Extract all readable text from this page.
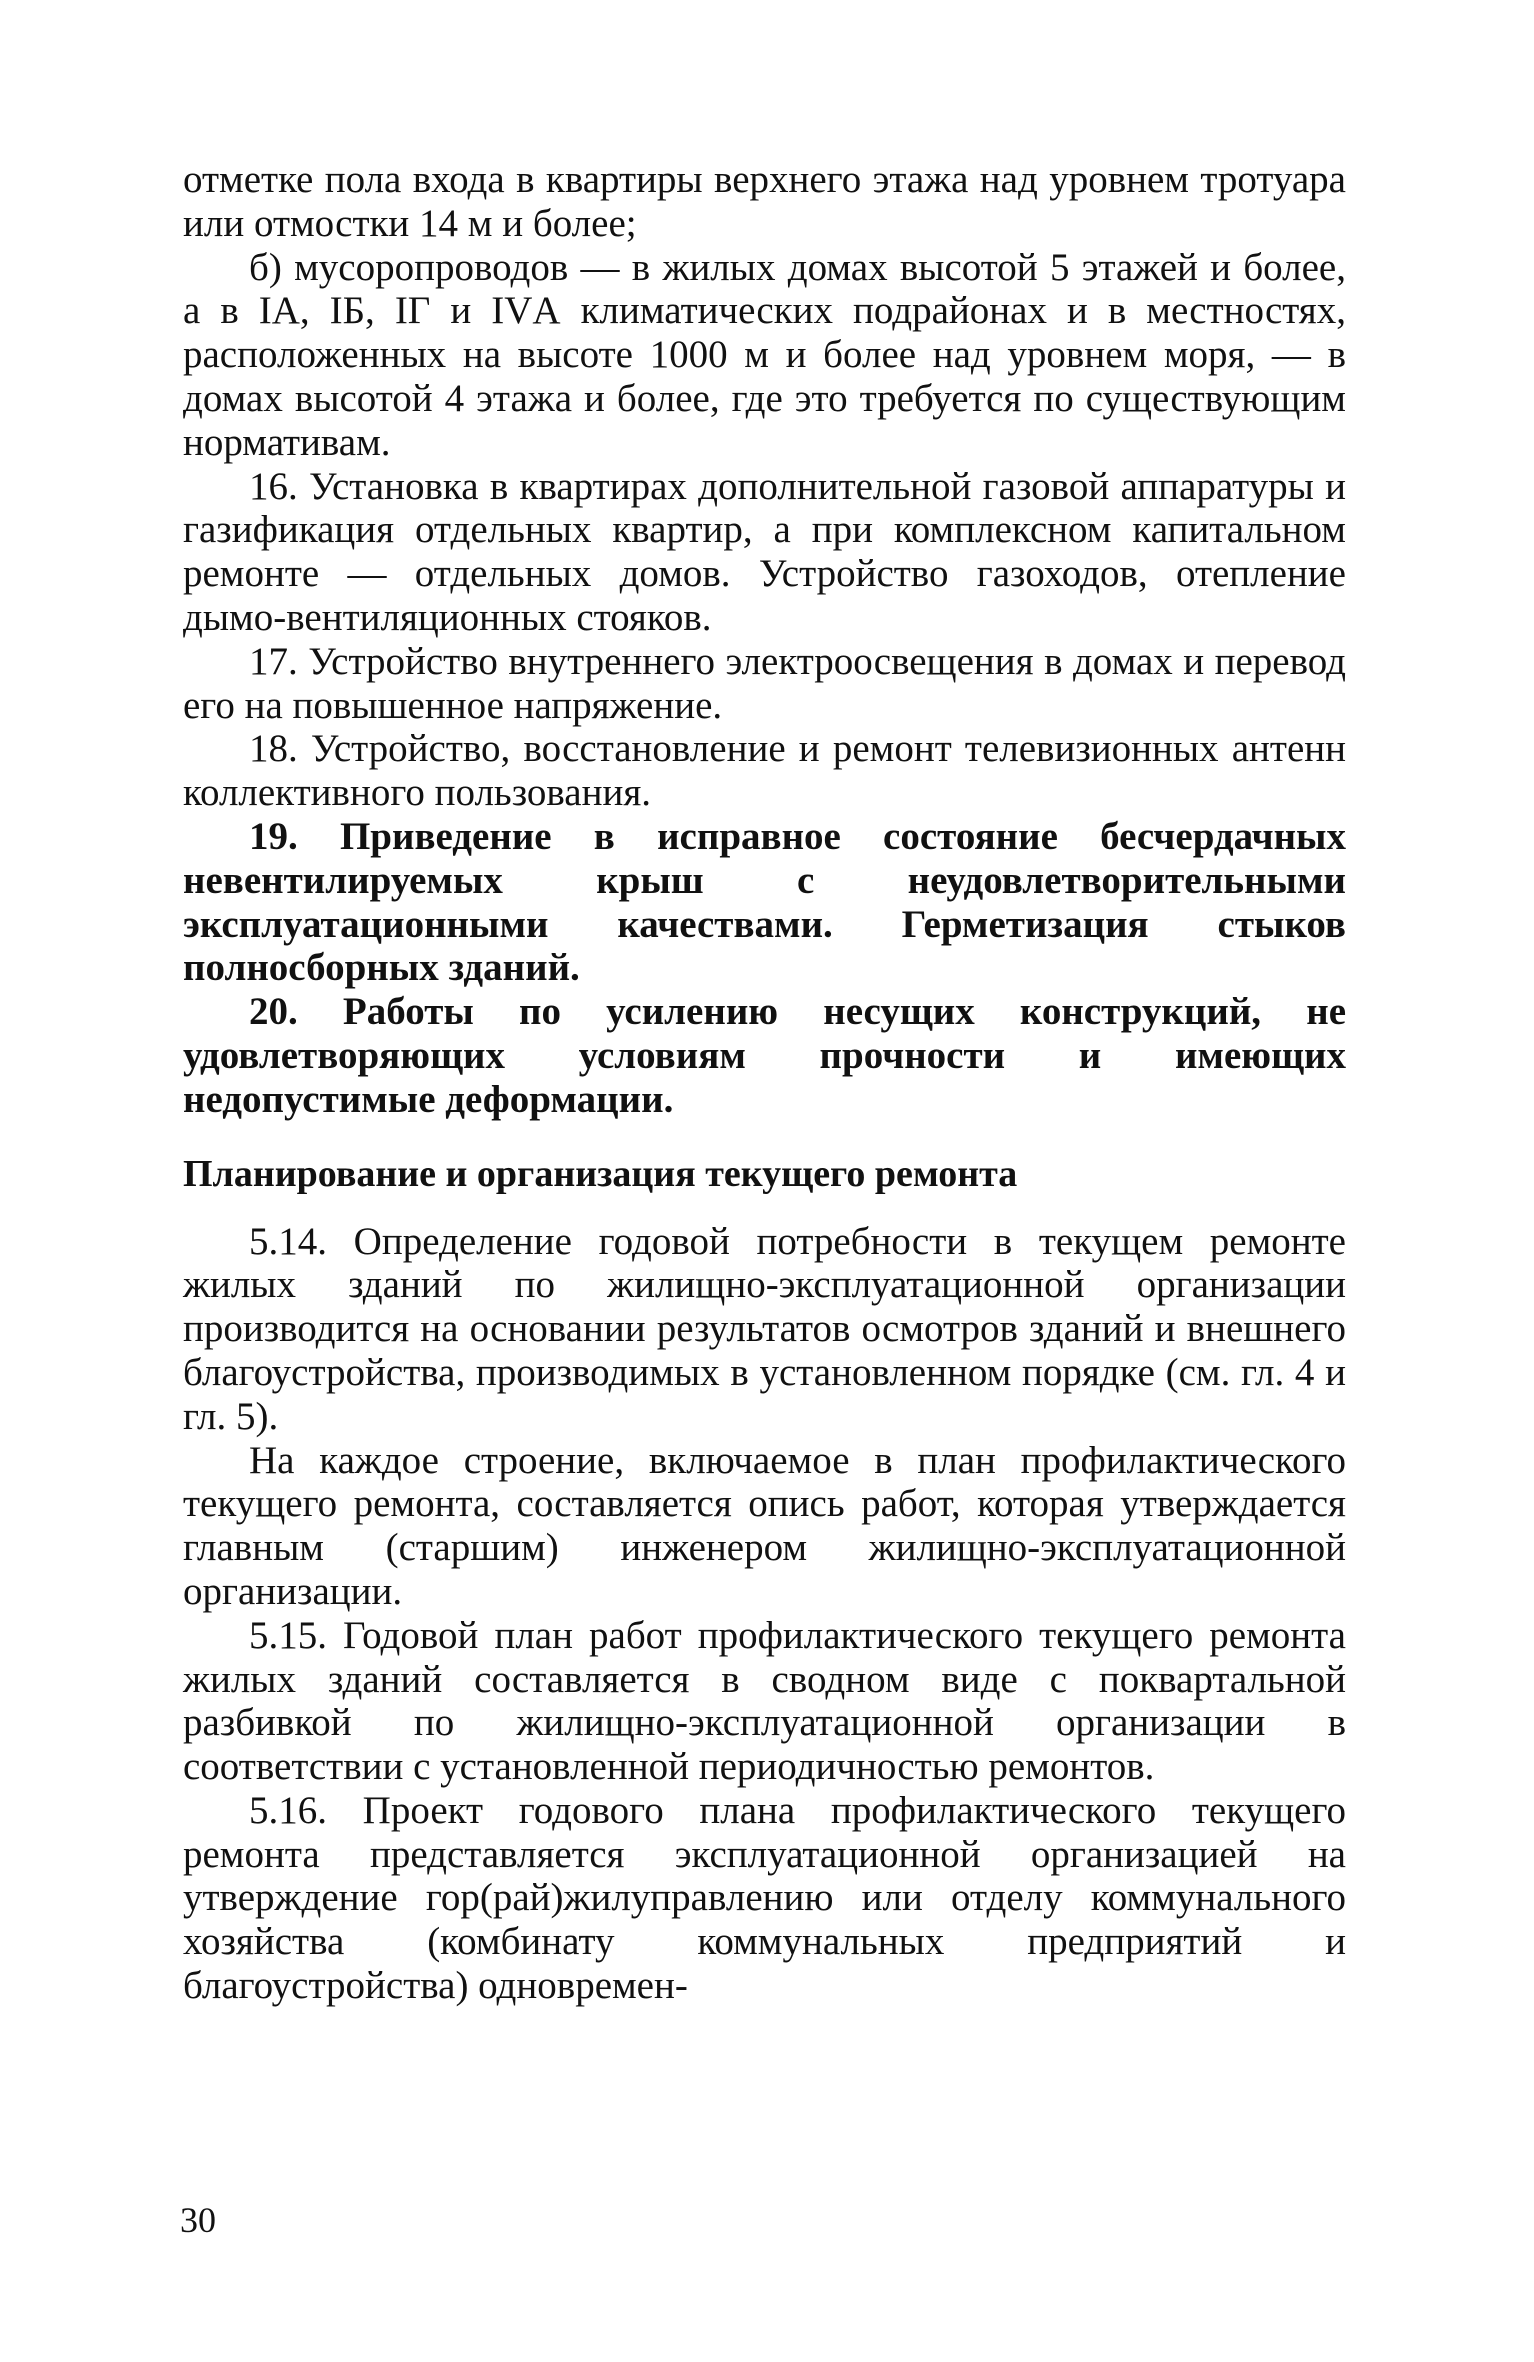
отметке пола входа в квартиры верхнего этажа над уровнем тротуара или отмостки 14 м и более;

б) мусоропроводов — в жилых домах высотой 5 этажей и более, а в IА, IБ, IГ и IVА климатических подрайонах и в местностях, расположенных на высоте 1000 м и более над уровнем моря, — в домах высотой 4 этажа и более, где это требуется по существующим нормативам.

16. Установка в квартирах дополнительной газовой аппаратуры и газификация отдельных квартир, а при комплексном капитальном ремонте — отдельных домов. Устройство газоходов, отепление дымо-вентиляционных стояков.

17. Устройство внутреннего электроосвещения в домах и перевод его на повышенное напряжение.

18. Устройство, восстановление и ремонт телевизионных антенн коллективного пользования.

19. Приведение в исправное состояние бесчердачных невентилируемых крыш с неудовлетворительными эксплуатационными качествами. Герметизация стыков полносборных зданий.

20. Работы по усилению несущих конструкций, не удовлетворяющих условиям прочности и имеющих недопустимые деформации.

Планирование и организация текущего ремонта

5.14. Определение годовой потребности в текущем ремонте жилых зданий по жилищно-эксплуатационной организации производится на основании результатов осмотров зданий и внешнего благоустройства, производимых в установленном порядке (см. гл. 4 и гл. 5).

На каждое строение, включаемое в план профилактического текущего ремонта, составляется опись работ, которая утверждается главным (старшим) инженером жилищно-эксплуатационной организации.

5.15. Годовой план работ профилактического текущего ремонта жилых зданий составляется в сводном виде с поквартальной разбивкой по жилищно-эксплуатационной организации в соответствии с установленной периодичностью ремонтов.

5.16. Проект годового плана профилактического текущего ремонта представляется эксплуатационной организацией на утверждение гор(рай)жилуправлению или отделу коммунального хозяйства (комбинату коммунальных предприятий и благоустройства) одновремен-

30
